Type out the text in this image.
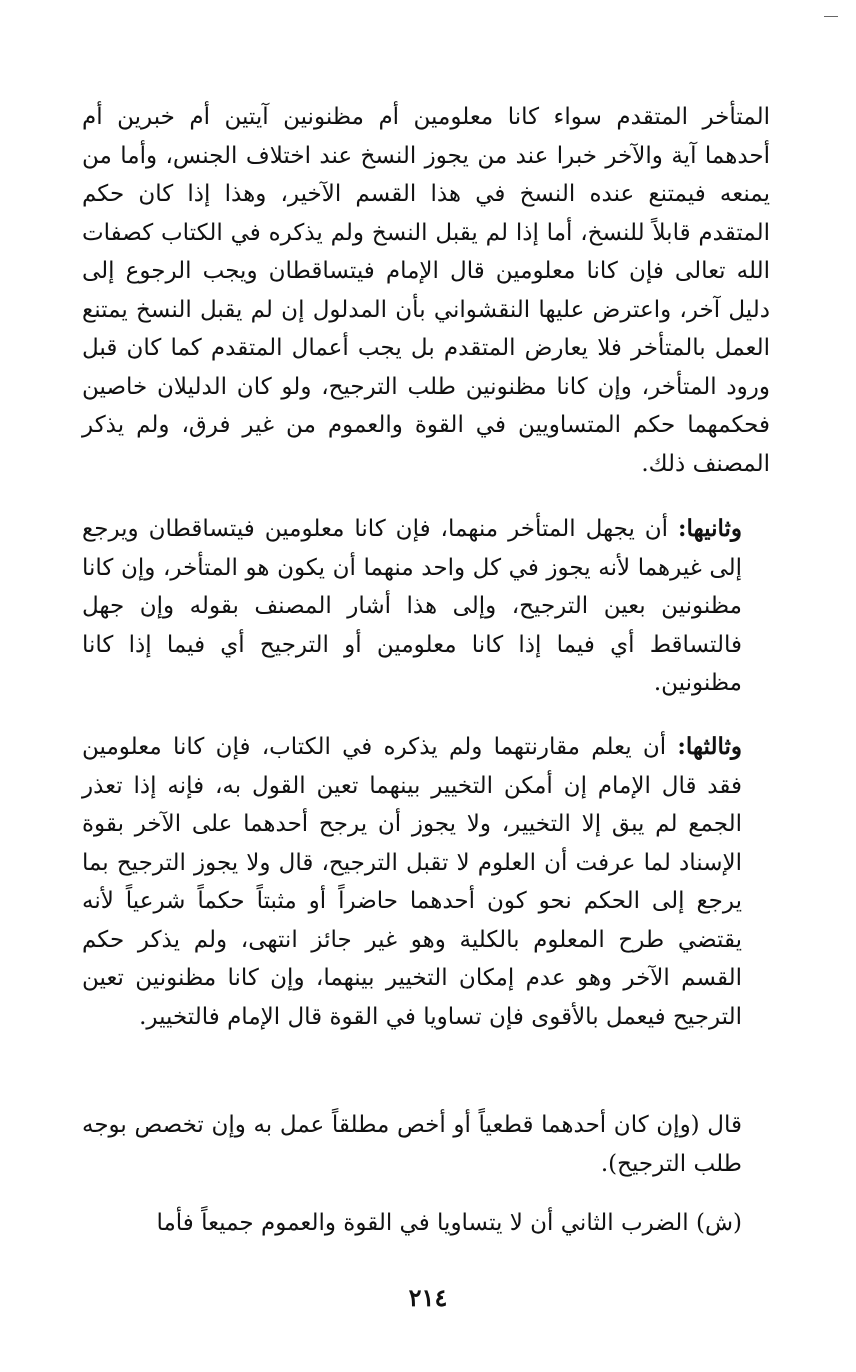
المتأخر المتقدم سواء كانا معلومين أم مظنونين آيتين أم خبرين أم أحدهما آية والآخر خبرا عند من يجوز النسخ عند اختلاف الجنس، وأما من يمنعه فيمتنع عنده النسخ في هذا القسم الآخير، وهذا إذا كان حكم المتقدم قابلاً للنسخ، أما إذا لم يقبل النسخ ولم يذكره في الكتاب كصفات الله تعالى فإن كانا معلومين قال الإمام فيتساقطان ويجب الرجوع إلى دليل آخر، واعترض عليها النقشواني بأن المدلول إن لم يقبل النسخ يمتنع العمل بالمتأخر فلا يعارض المتقدم بل يجب أعمال المتقدم كما كان قبل ورود المتأخر، وإن كانا مظنونين طلب الترجيح، ولو كان الدليلان خاصين فحكمهما حكم المتساويين في القوة والعموم من غير فرق، ولم يذكر المصنف ذلك.

وثانيها: أن يجهل المتأخر منهما، فإن كانا معلومين فيتساقطان ويرجع إلى غيرهما لأنه يجوز في كل واحد منهما أن يكون هو المتأخر، وإن كانا مظنونين بعين الترجيح، وإلى هذا أشار المصنف بقوله وإن جهل فالتساقط أي فيما إذا كانا معلومين أو الترجيح أي فيما إذا كانا مظنونين.

وثالثها: أن يعلم مقارنتهما ولم يذكره في الكتاب، فإن كانا معلومين فقد قال الإمام إن أمكن التخيير بينهما تعين القول به، فإنه إذا تعذر الجمع لم يبق إلا التخيير، ولا يجوز أن يرجح أحدهما على الآخر بقوة الإسناد لما عرفت أن العلوم لا تقبل الترجيح، قال ولا يجوز الترجيح بما يرجع إلى الحكم نحو كون أحدهما حاضراً أو مثبتاً حكماً شرعياً لأنه يقتضي طرح المعلوم بالكلية وهو غير جائز انتهى، ولم يذكر حكم القسم الآخر وهو عدم إمكان التخيير بينهما، وإن كانا مظنونين تعين الترجيح فيعمل بالأقوى فإن تساويا في القوة قال الإمام فالتخيير.

قال (وإن كان أحدهما قطعياً أو أخص مطلقاً عمل به وإن تخصص بوجه طلب الترجيح).

(ش) الضرب الثاني أن لا يتساويا في القوة والعموم جميعاً فأما

٢١٤
